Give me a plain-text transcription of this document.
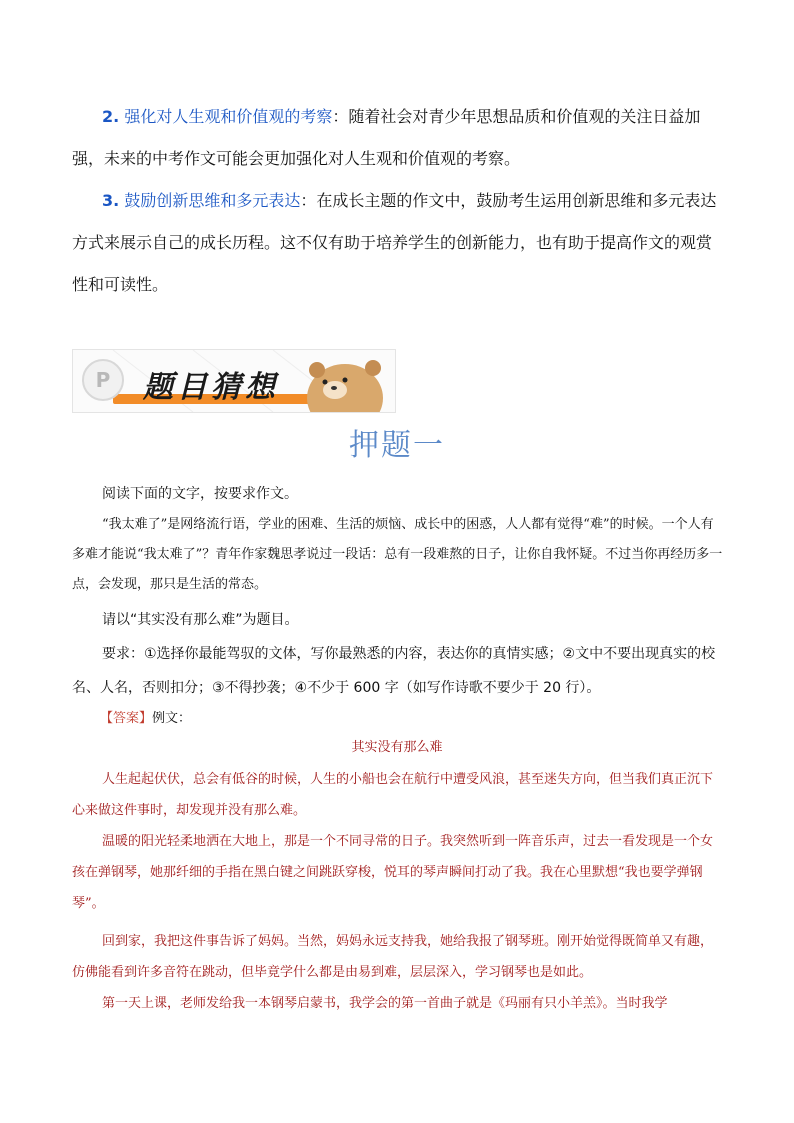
2. 强化对人生观和价值观的考察：随着社会对青少年思想品质和价值观的关注日益加强，未来的中考作文可能会更加强化对人生观和价值观的考察。

3. 鼓励创新思维和多元表达：在成长主题的作文中，鼓励考生运用创新思维和多元表达方式来展示自己的成长历程。这不仅有助于培养学生的创新能力，也有助于提高作文的观赏性和可读性。

P 题目猜想
押题一

阅读下面的文字，按要求作文。

“我太难了”是网络流行语，学业的困难、生活的烦恼、成长中的困惑，人人都有觉得“难”的时候。一个人有多难才能说“我太难了”？青年作家魏思孝说过一段话：总有一段难熬的日子，让你自我怀疑。不过当你再经历多一点，会发现，那只是生活的常态。

请以“其实没有那么难”为题目。

要求：①选择你最能驾驭的文体，写你最熟悉的内容，表达你的真情实感；②文中不要出现真实的校名、人名，否则扣分；③不得抄袭；④不少于 600 字（如写作诗歌不要少于 20 行）。

【答案】例文：
其实没有那么难

人生起起伏伏，总会有低谷的时候，人生的小船也会在航行中遭受风浪，甚至迷失方向，但当我们真正沉下心来做这件事时，却发现并没有那么难。

温暖的阳光轻柔地洒在大地上，那是一个不同寻常的日子。我突然听到一阵音乐声，过去一看发现是一个女孩在弹钢琴，她那纤细的手指在黑白键之间跳跃穿梭，悦耳的琴声瞬间打动了我。我在心里默想“我也要学弹钢琴”。

回到家，我把这件事告诉了妈妈。当然，妈妈永远支持我，她给我报了钢琴班。刚开始觉得既简单又有趣，仿佛能看到许多音符在跳动，但毕竟学什么都是由易到难，层层深入，学习钢琴也是如此。

第一天上课，老师发给我一本钢琴启蒙书，我学会的第一首曲子就是《玛丽有只小羊羔》。当时我学
